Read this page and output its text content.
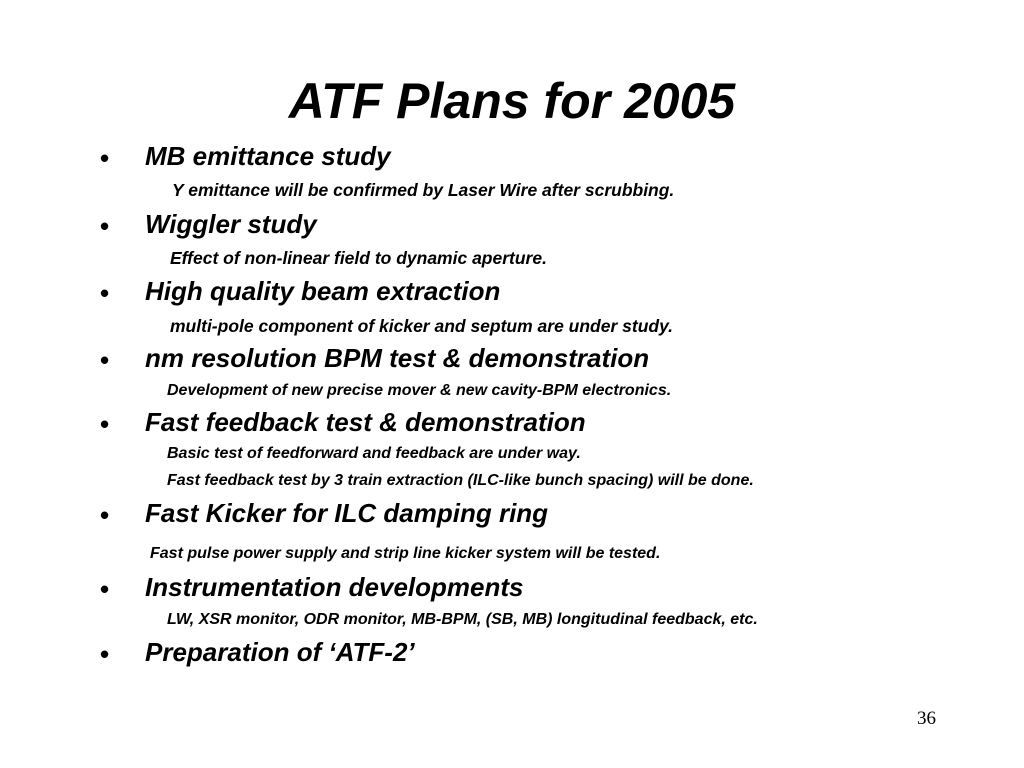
ATF Plans for 2005
• MB emittance study
Y emittance will be confirmed by Laser Wire after scrubbing.
• Wiggler study
Effect of non-linear field to dynamic aperture.
• High quality beam extraction
multi-pole component of kicker and septum are under study.
• nm resolution BPM test & demonstration
Development of new precise mover & new cavity-BPM electronics.
• Fast feedback test & demonstration
Basic test of feedforward and feedback are under way.
Fast feedback test by 3 train extraction (ILC-like bunch spacing) will be done.
• Fast Kicker for ILC damping ring
Fast pulse power supply and strip line kicker system will be tested.
• Instrumentation developments
LW, XSR monitor, ODR monitor, MB-BPM, (SB, MB) longitudinal feedback, etc.
• Preparation of ‘ATF-2’
36
